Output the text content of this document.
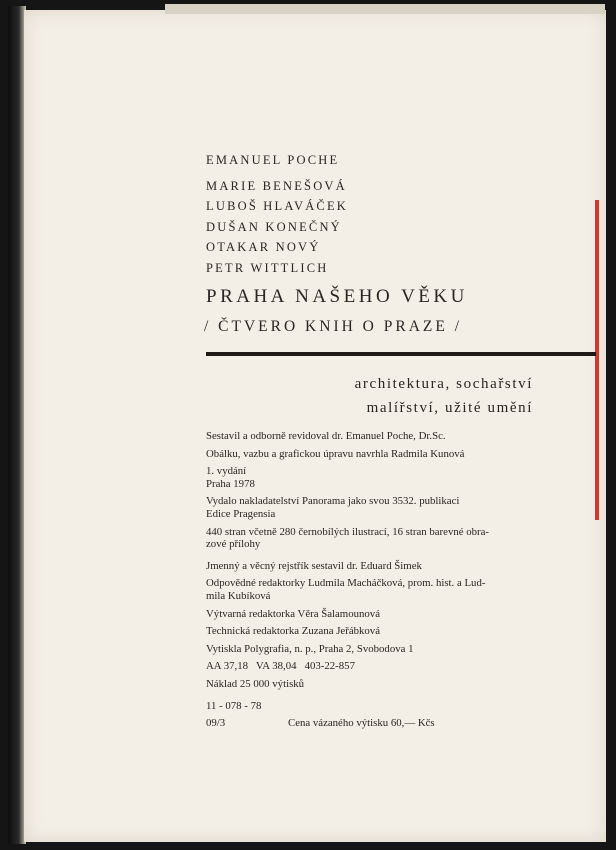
EMANUEL POCHE
MARIE BENEŠOVÁ
LUBOŠ HLAVÁČEK
DUŠAN KONEČNÝ
OTAKAR NOVÝ
PETR WITTLICH
PRAHA NAŠEHO VĚKU
/ ČTVERO KNIH O PRAZE /
architektura, sochařství
malířství, užité umění
Sestavil a odborně revidoval dr. Emanuel Poche, Dr.Sc.
Obálku, vazbu a grafickou úpravu navrhla Radmila Kunová
1. vydání
Praha 1978
Vydalo nakladatelství Panorama jako svou 3532. publikaci
Edice Pragensia
440 stran včetně 280 černobílých ilustrací, 16 stran barevné obra-
zové přílohy
Jmenný a věcný rejstřík sestavil dr. Eduard Šimek
Odpovědné redaktorky Ludmila Macháčková, prom. hist. a Lud-
mila Kubíková
Výtvarná redaktorka Věra Šalamounová
Technická redaktorka Zuzana Jeřábková
Vytiskla Polygrafia, n. p., Praha 2, Svobodova 1
AA 37,18   VA 38,04   403-22-857
Náklad 25 000 výtisků
11 - 078 - 78
09/3	Cena vázaného výtisku 60,— Kčs
